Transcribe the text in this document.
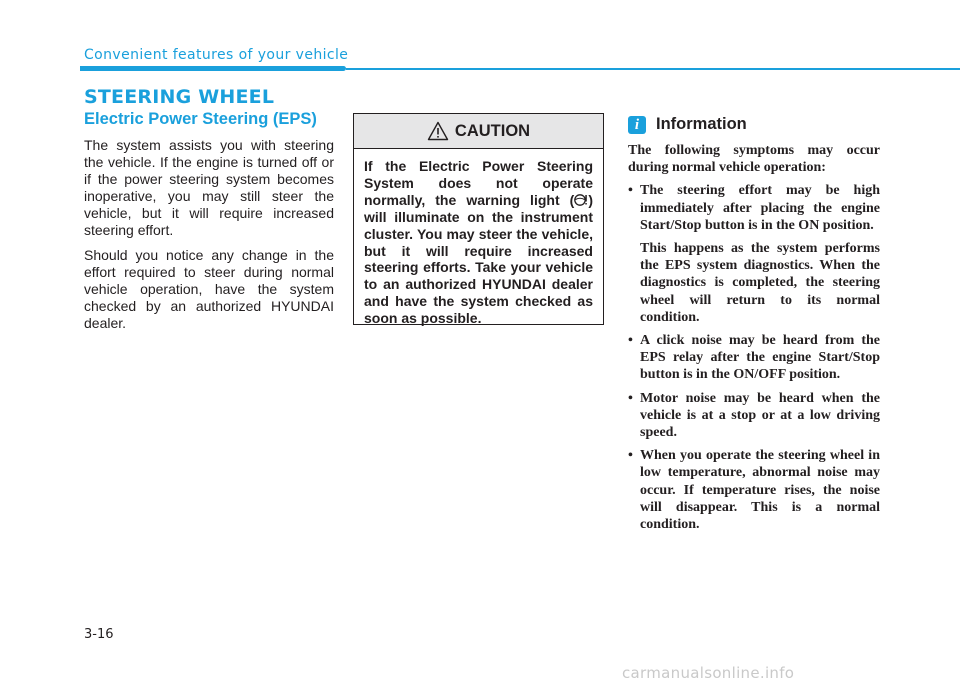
Convenient features of your vehicle
STEERING WHEEL
Electric Power Steering (EPS)

The system assists you with steering the vehicle. If the engine is turned off or if the power steering system becomes inoperative, you may still steer the vehicle, but it will require increased steering effort.

Should you notice any change in the effort required to steer during normal vehicle operation, have the system checked by an authorized HYUNDAI dealer.

CAUTION
If the Electric Power Steering System does not operate normally, the warning light ( ) will illuminate on the instrument cluster. You may steer the vehicle, but it will require increased steering efforts. Take your vehicle to an authorized HYUNDAI dealer and have the system checked as soon as possible.
i	Information

The following symptoms may occur during normal vehicle operation:

• The steering effort may be high immediately after placing the engine Start/Stop button is in the ON position.
This happens as the system performs the EPS system diagnostics. When the diagnostics is completed, the steering wheel will return to its normal condition.
• A click noise may be heard from the EPS relay after the engine Start/Stop button is in the ON/OFF position.
• Motor noise may be heard when the vehicle is at a stop or at a low driving speed.
• When you operate the steering wheel in low temperature, abnormal noise may occur. If temperature rises, the noise will disappear. This is a normal condition.
3-16
carmanualsonline.info
